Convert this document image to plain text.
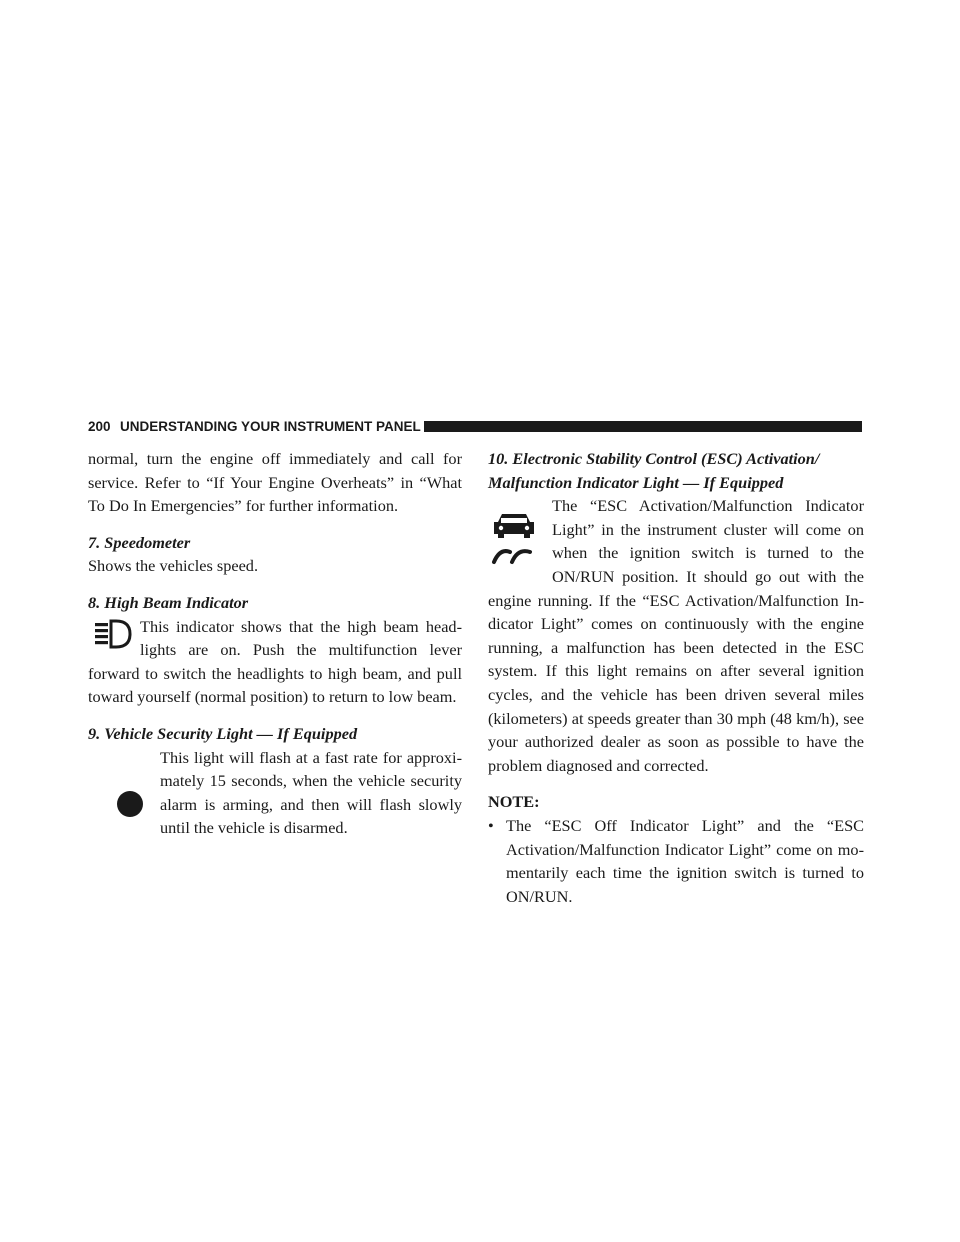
200 UNDERSTANDING YOUR INSTRUMENT PANEL

normal, turn the engine off immediately and call for service. Refer to “If Your Engine Overheats” in “What To Do In Emergencies” for further information.

7. Speedometer

Shows the vehicles speed.

8. High Beam Indicator

This indicator shows that the high beam head-lights are on. Push the multifunction lever forward to switch the headlights to high beam, and pull toward yourself (normal position) to return to low beam.

9. Vehicle Security Light — If Equipped

This light will flash at a fast rate for approxi-mately 15 seconds, when the vehicle security alarm is arming, and then will flash slowly until the vehicle is disarmed.

10. Electronic Stability Control (ESC) Activation/

Malfunction Indicator Light — If Equipped

The “ESC Activation/Malfunction Indicator Light” in the instrument cluster will come on when the ignition switch is turned to the ON/RUN position. It should go out with the engine running. If the “ESC Activation/Malfunction In-dicator Light” comes on continuously with the engine running, a malfunction has been detected in the ESC system. If this light remains on after several ignition cycles, and the vehicle has been driven several miles (kilometers) at speeds greater than 30 mph (48 km/h), see your authorized dealer as soon as possible to have the problem diagnosed and corrected.

NOTE:

• The “ESC Off Indicator Light” and the “ESC Activation/Malfunction Indicator Light” come on mo-mentarily each time the ignition switch is turned to ON/RUN.
